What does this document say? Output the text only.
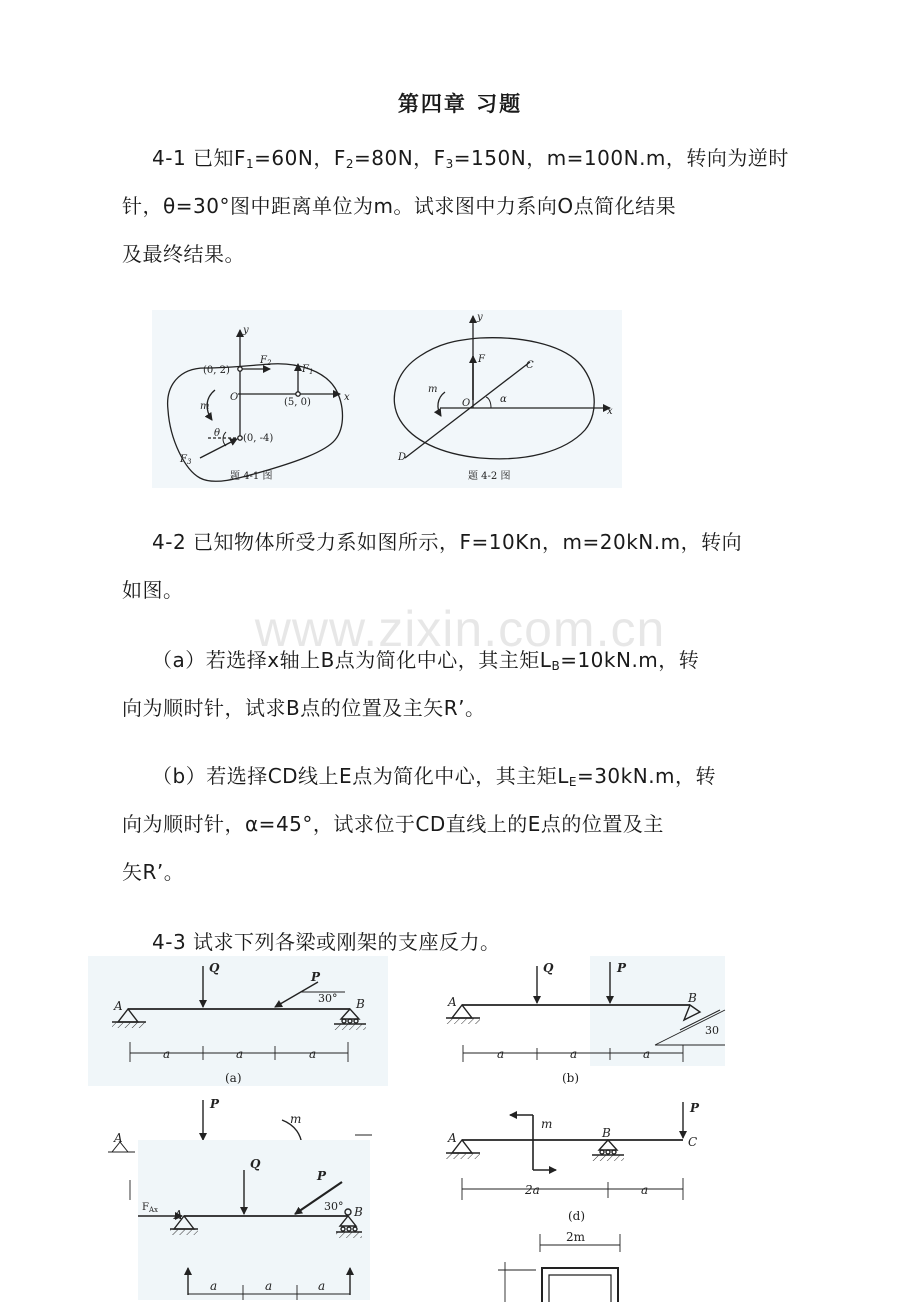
第四章 习题
4-1 已知$F_1=60N$，$F_2=80N$，$F_3=150N$，m=100N.m，转向为逆时
针，θ=30°图中距离单位为m。试求图中力系向O点简化结果
及最终结果。
4-2 已知物体所受力系如图所示，F=10Kn，m=20kN.m，转向
如图。
（a）若选择x轴上B点为简化中心，其主矩$L_B=10kN.m$，转
向为顺时针，试求B点的位置及主矢R’。
（b）若选择CD线上E点为简化中心，其主矩$L_E=30kN.m$，转
向为顺时针，α=45°，试求位于CD直线上的E点的位置及主
矢R’。
4-3 试求下列各梁或刚架的支座反力。
www.zixin.com.cn
y
x
O
m
(0, 2)
(5, 0)
(0, -4)
$F_2$
$F_1$
$F_3$
θ
题 4-1 图
y
x
O
F
m
C
D
α
题 4-2 图
Q
P
30°
A	B
a	a	a
(a)
Q	P
30
A	B
a	a	a
(b)
P
m
A
Q
P
30°
A	B
$F_{Ax}$
a	a	a
m
P
A	B
C
2a	a
(d)
2m
